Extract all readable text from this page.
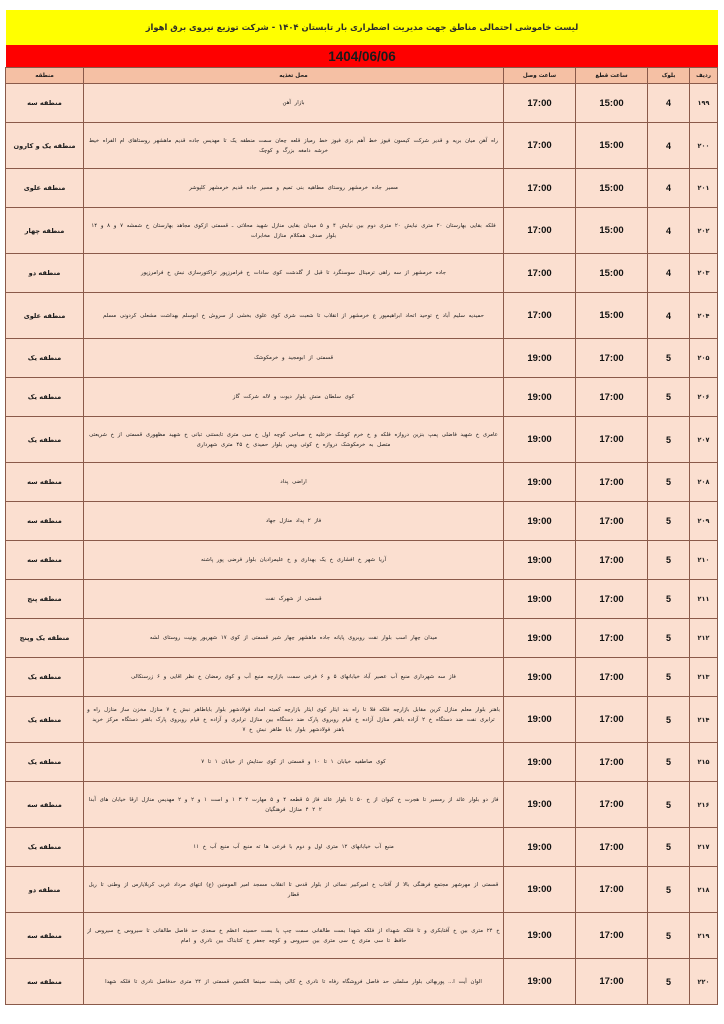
لیست خاموشی احتمالی مناطق جهت مدیریت اضطراری بار تابستان ۱۴۰۴ - شرکت توزیع نیروی برق اهواز
1404/06/06
ردیف	بلوک	ساعت قطع	ساعت وصل	محل تغذیه	منطقه
۱۹۹	4	15:00	17:00	بازار آهن	منطقه سه
۲۰۰	4	15:00	17:00	راه آهن میان بریه و قدیر شرکت کیسون فیوز خط آهم بزی فیوز خط رمیاز قلعه چعان سمت منطقه یک تا مهدیس جاده قدیم ماهشهر روستاهای ام الفراه خیط خرشه دامغه بزرگ و کوچک	منطقه یک و کارون
۲۰۱	4	15:00	17:00	مسیر جاده خرمشهر روستای مطاهیه بنی تمیم و مسیر جاده قدیم خرمشهر کلپوشر	منطقه علوی
۲۰۲	4	15:00	17:00	فلکه بقایی بهارستان ۲۰ متری نبایش ۲۰ متری دوم بین نیایش ۴ و ۵ میدان بقایی منازل شهید محلاتی ـ قسمتی ازکوی مجاهد بهارستان خ شمشه ۷ و ۸ و ۱۴ بلوار صدف همکلام منازل مخابرات	منطقه چهار
۲۰۳	4	15:00	17:00	جاده خرمشهر از سه راهی ترمینال سوسنگرد تا قبل از گلدشت کوی سادات خ فرامرزپور تراکتورسازی نبش خ فرامرزپور	منطقه دو
۲۰۴	4	15:00	17:00	حمیدیه سلیم آباد خ توحید اتحاد ابراهیمپور ع خرمشهر از انقلاب تا شعبت شری کوی علوی بخشی از سروش خ ابوسلم بهداشت مشعلی کردونی مسلم	منطقه علوی
۲۰۵	5	17:00	19:00	قسمتی از ابومجید و خرمکوشک	منطقه یک
۲۰۶	5	17:00	19:00	کوی سلطان منش بلوار دیوت و لاله شرکت گاز	منطقه یک
۲۰۷	5	17:00	19:00	عامری خ شهید فاضلی پمپ بنزین دروازه فلکه و خ خرم کوشک خزعلیه خ صباحی کوچه اول خ سی متری تابستنی تبانی خ شهید مظهوری قسمتی از خ شریعتی متصل به خرمکوشک دروازه خ کوئی ویس بلوار حمیدی خ ۴۵ متری شهرداری	منطقه یک
۲۰۸	5	17:00	19:00	اراضی پداد	منطقه سه
۲۰۹	5	17:00	19:00	فاز ۲ پداد منازل جهاد	منطقه سه
۲۱۰	5	17:00	19:00	آریا شهر خ افشاری خ یک بهداری و خ علیمرادیان بلوار فرضی پور پاشنه	منطقه سه
۲۱۱	5	17:00	19:00	قسمتی از شهرک نفت	منطقه پنج
۲۱۲	5	17:00	19:00	میدان چهار اسب بلوار نفت روبروی پایانه جاده ماهشهر چهار شیر قسمتی از کوی ۱۷ شهریور پونیت روستای لشه	منطقه یک وپنج
۲۱۳	5	17:00	19:00	فاز سه شهرداری منبع آب عصیر آباد خیابانهای ۵ و ۶ فرعی سمت بازارچه منبع آب و کوی رمضان خ نظر اقایی و ۶ زرسنکالی	منطقه یک
۲۱۴	5	17:00	19:00	باهنر بلوار معلم منازل کرین مقابل بازارچه فلکه فلا تا راه بند ایثار کوی ایثار بازارچه کمیته امداد فولادشهر بلوار باباطاهر نبش خ ۷ منازل مخزن ساز منازل راه و ترابری نفت ضد دستگاه خ ۲ آزاده باهنر منازل آزاده خ قیام روبروی پارک ضد دستگاه بین منازل ترابری و آزاده خ قیام روبروی پارک باهنر دستگاه مرکز خرید باهنر فولادشهر بلوار بابا طاهر نبش خ ۷	منطقه یک
۲۱۵	5	17:00	19:00	کوی صاطفیه خیابان ۱ تا ۱۰ و قسمتی از کوی ستایش از خیابان ۱ تا ۷	منطقه یک
۲۱۶	5	17:00	19:00	فاز دو بلوار عائد از رمسیر تا هجرت خ کیوان از خ ۵۰ تا بلوار عائد فاز ۵ قطعه ۴ و ۵ مهارت ۲ ۳ ۱ و است ۱ و ۲ و ۲ مهدیس منازل ارقا خیابان های آبدا ۲ ۲ ۴ منازل فرهنگیان	منطقه سه
۲۱۷	5	17:00	19:00	منبع آب خیابانهای ۱۲ متری اول و دوم با فرعی ها ته منبع آب منبع آب خ ۱۱	منطقه یک
۲۱۸	5	17:00	19:00	قسمتی از مهرشهر مجتمع فرهنگی بالا از آفتاب خ امیرکبیر نسائی از بلوار قدس تا انقلاب مسجد امیر المومنین (ع) انتهای مرداد غربی کربلایارس از وطنی تا ریل قطار	منطقه دو
۲۱۹	5	17:00	19:00	خ ۲۴ متری بین خ آفتابکری و تا فلکه شهداء از فلکه شهدا بست طالقانی سمت چپ با بست حسینه اعظم خ سعدی حد فاصل طالقانی تا سیروس خ سیروس از حافظ تا سی متری خ سی متری بین سیروس و کوچه جعفر خ کتابناک بین نادری و امام	منطقه سه
۲۲۰	5	17:00	19:00	الوان آیت ا... پوربهائی بلوار سلملی حد فاصل فروشگاه رفاه تا نادری خ کالی پشت سینما الکسین قسمتی از ۲۴ متری حدفاصل نادری تا فلکه شهدا	منطقه سه
